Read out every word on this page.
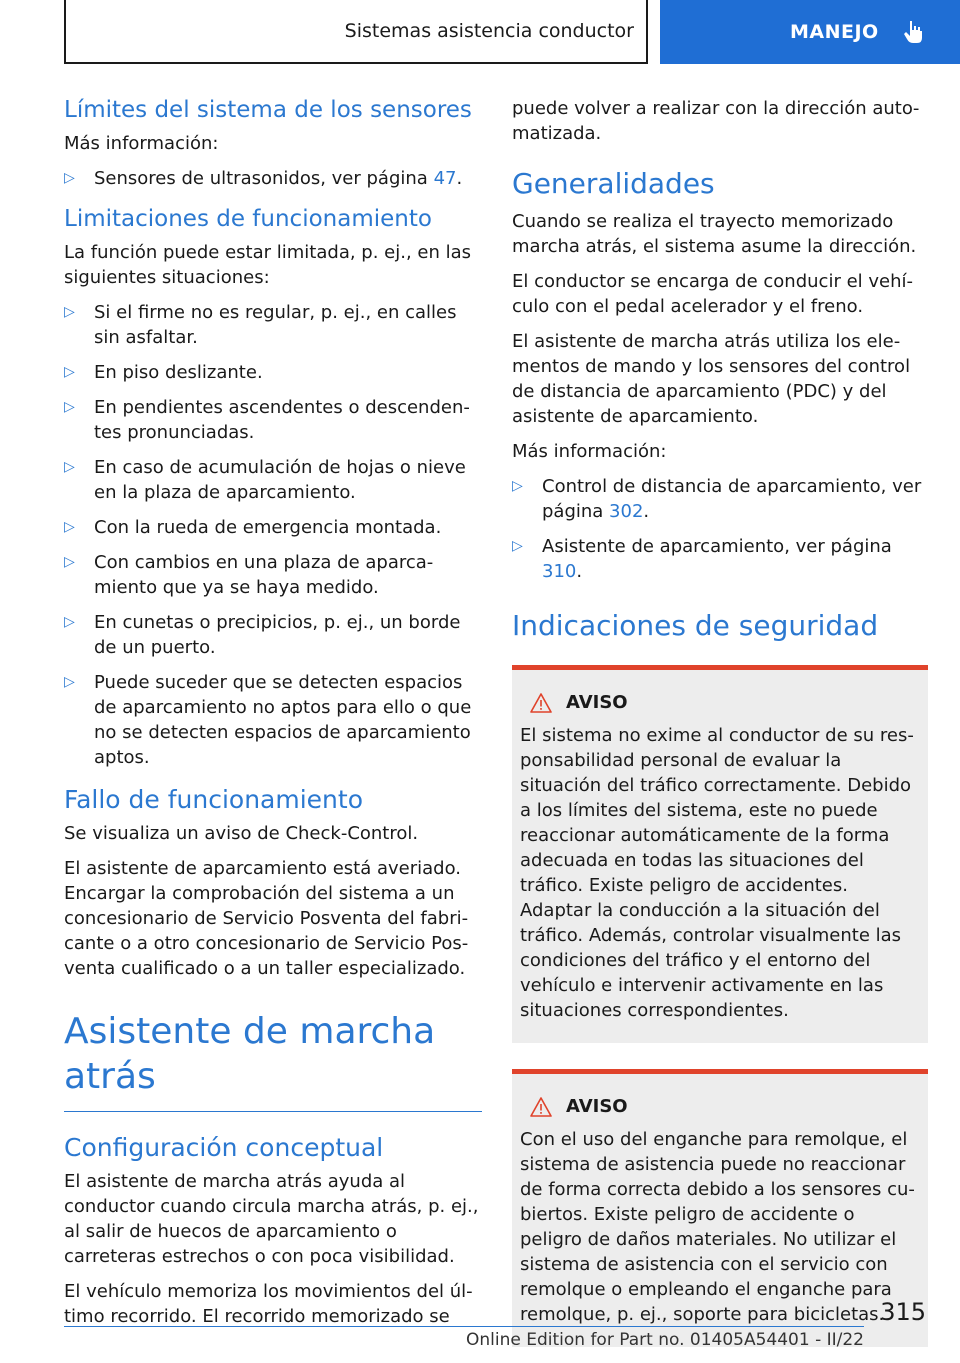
Sistemas asistencia conductor	MANEJO
Límites del sistema de los sensores

Más información:

▷ Sensores de ultrasonidos, ver página 47.
Limitaciones de funcionamiento

La función puede estar limitada, p. ej., en las siguientes situaciones:

▷ Si el firme no es regular, p. ej., en calles sin asfaltar.
▷ En piso deslizante.
▷ En pendientes ascendentes o descendentes pronunciadas.
▷ En caso de acumulación de hojas o nieve en la plaza de aparcamiento.
▷ Con la rueda de emergencia montada.
▷ Con cambios en una plaza de aparcamiento que ya se haya medido.
▷ En cunetas o precipicios, p. ej., un borde de un puerto.
▷ Puede suceder que se detecten espacios de aparcamiento no aptos para ello o que no se detecten espacios de aparcamiento aptos.
Fallo de funcionamiento

Se visualiza un aviso de Check-Control.

El asistente de aparcamiento está averiado. Encargar la comprobación del sistema a un concesionario de Servicio Posventa del fabricante o a otro concesionario de Servicio Posventa cualificado o a un taller especializado.

Asistente de marcha atrás
Configuración conceptual

El asistente de marcha atrás ayuda al conductor cuando circula marcha atrás, p. ej., al salir de huecos de aparcamiento o carreteras estrechos o con poca visibilidad.

El vehículo memoriza los movimientos del último recorrido. El recorrido memorizado se

puede volver a realizar con la dirección automatizada.

Generalidades

Cuando se realiza el trayecto memorizado marcha atrás, el sistema asume la dirección.

El conductor se encarga de conducir el vehículo con el pedal acelerador y el freno.

El asistente de marcha atrás utiliza los elementos de mando y los sensores del control de distancia de aparcamiento (PDC) y del asistente de aparcamiento.

Más información:

▷ Control de distancia de aparcamiento, ver página 302.
▷ Asistente de aparcamiento, ver página 310.
Indicaciones de seguridad
AVISO

El sistema no exime al conductor de su responsabilidad personal de evaluar la situación del tráfico correctamente. Debido a los límites del sistema, este no puede reaccionar automáticamente de la forma adecuada en todas las situaciones del tráfico. Existe peligro de accidentes. Adaptar la conducción a la situación del tráfico. Además, controlar visualmente las condiciones del tráfico y el entorno del vehículo e intervenir activamente en las situaciones correspondientes.

AVISO

Con el uso del enganche para remolque, el sistema de asistencia puede no reaccionar de forma correcta debido a los sensores cubiertos. Existe peligro de accidente o peligro de daños materiales. No utilizar el sistema de asistencia con el servicio con remolque o empleando el enganche para remolque, p. ej., soporte para bicicletas.

315
Online Edition for Part no. 01405A54401 - II/22
